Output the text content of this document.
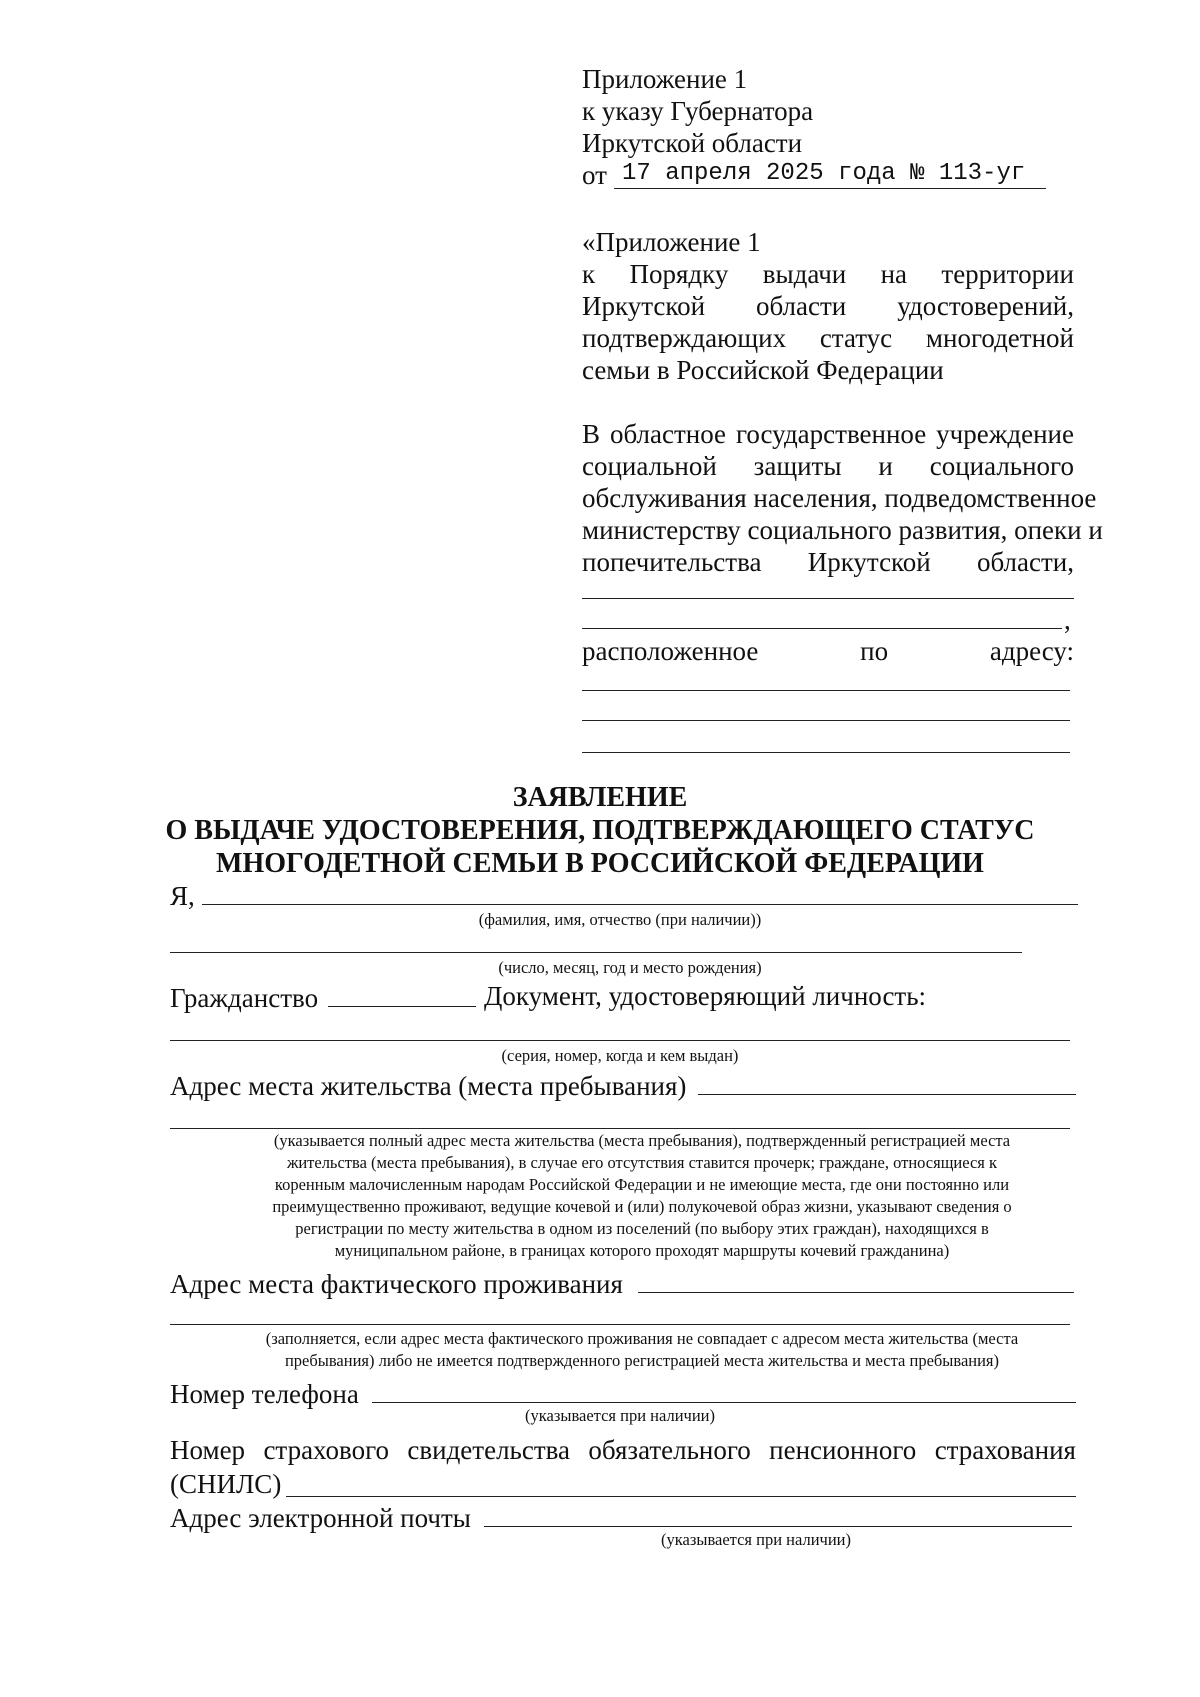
Приложение 1
к указу Губернатора
Иркутской области
от 17 апреля 2025 года № 113-уг
«Приложение 1
к Порядку выдачи на территории
Иркутской области удостоверений,
подтверждающих статус многодетной
семьи в Российской Федерации
В областное государственное учреждение
социальной защиты и социального
обслуживания населения, подведомственное
министерству социального развития, опеки и
попечительства Иркутской области,
,
расположенное	по	адресу:
ЗАЯВЛЕНИЕ
О ВЫДАЧЕ УДОСТОВЕРЕНИЯ, ПОДТВЕРЖДАЮЩЕГО СТАТУС
МНОГОДЕТНОЙ СЕМЬИ В РОССИЙСКОЙ ФЕДЕРАЦИИ
Я,
(фамилия, имя, отчество (при наличии))
(число, месяц, год и место рождения)
Гражданство	Документ, удостоверяющий личность:
(серия, номер, когда и кем выдан)
Адрес места жительства (места пребывания)
(указывается полный адрес места жительства (места пребывания), подтвержденный регистрацией места
жительства (места пребывания), в случае его отсутствия ставится прочерк; граждане, относящиеся к
коренным малочисленным народам Российской Федерации и не имеющие места, где они постоянно или
преимущественно проживают, ведущие кочевой и (или) полукочевой образ жизни, указывают сведения о
регистрации по месту жительства в одном из поселений (по выбору этих граждан), находящихся в
муниципальном районе, в границах которого проходят маршруты кочевий гражданина)
Адрес места фактического проживания
(заполняется, если адрес места фактического проживания не совпадает с адресом места жительства (места
пребывания) либо не имеется подтвержденного регистрацией места жительства и места пребывания)
Номер телефона
(указывается при наличии)
Номер страхового свидетельства обязательного пенсионного страхования
(СНИЛС)
Адрес электронной почты
(указывается при наличии)
